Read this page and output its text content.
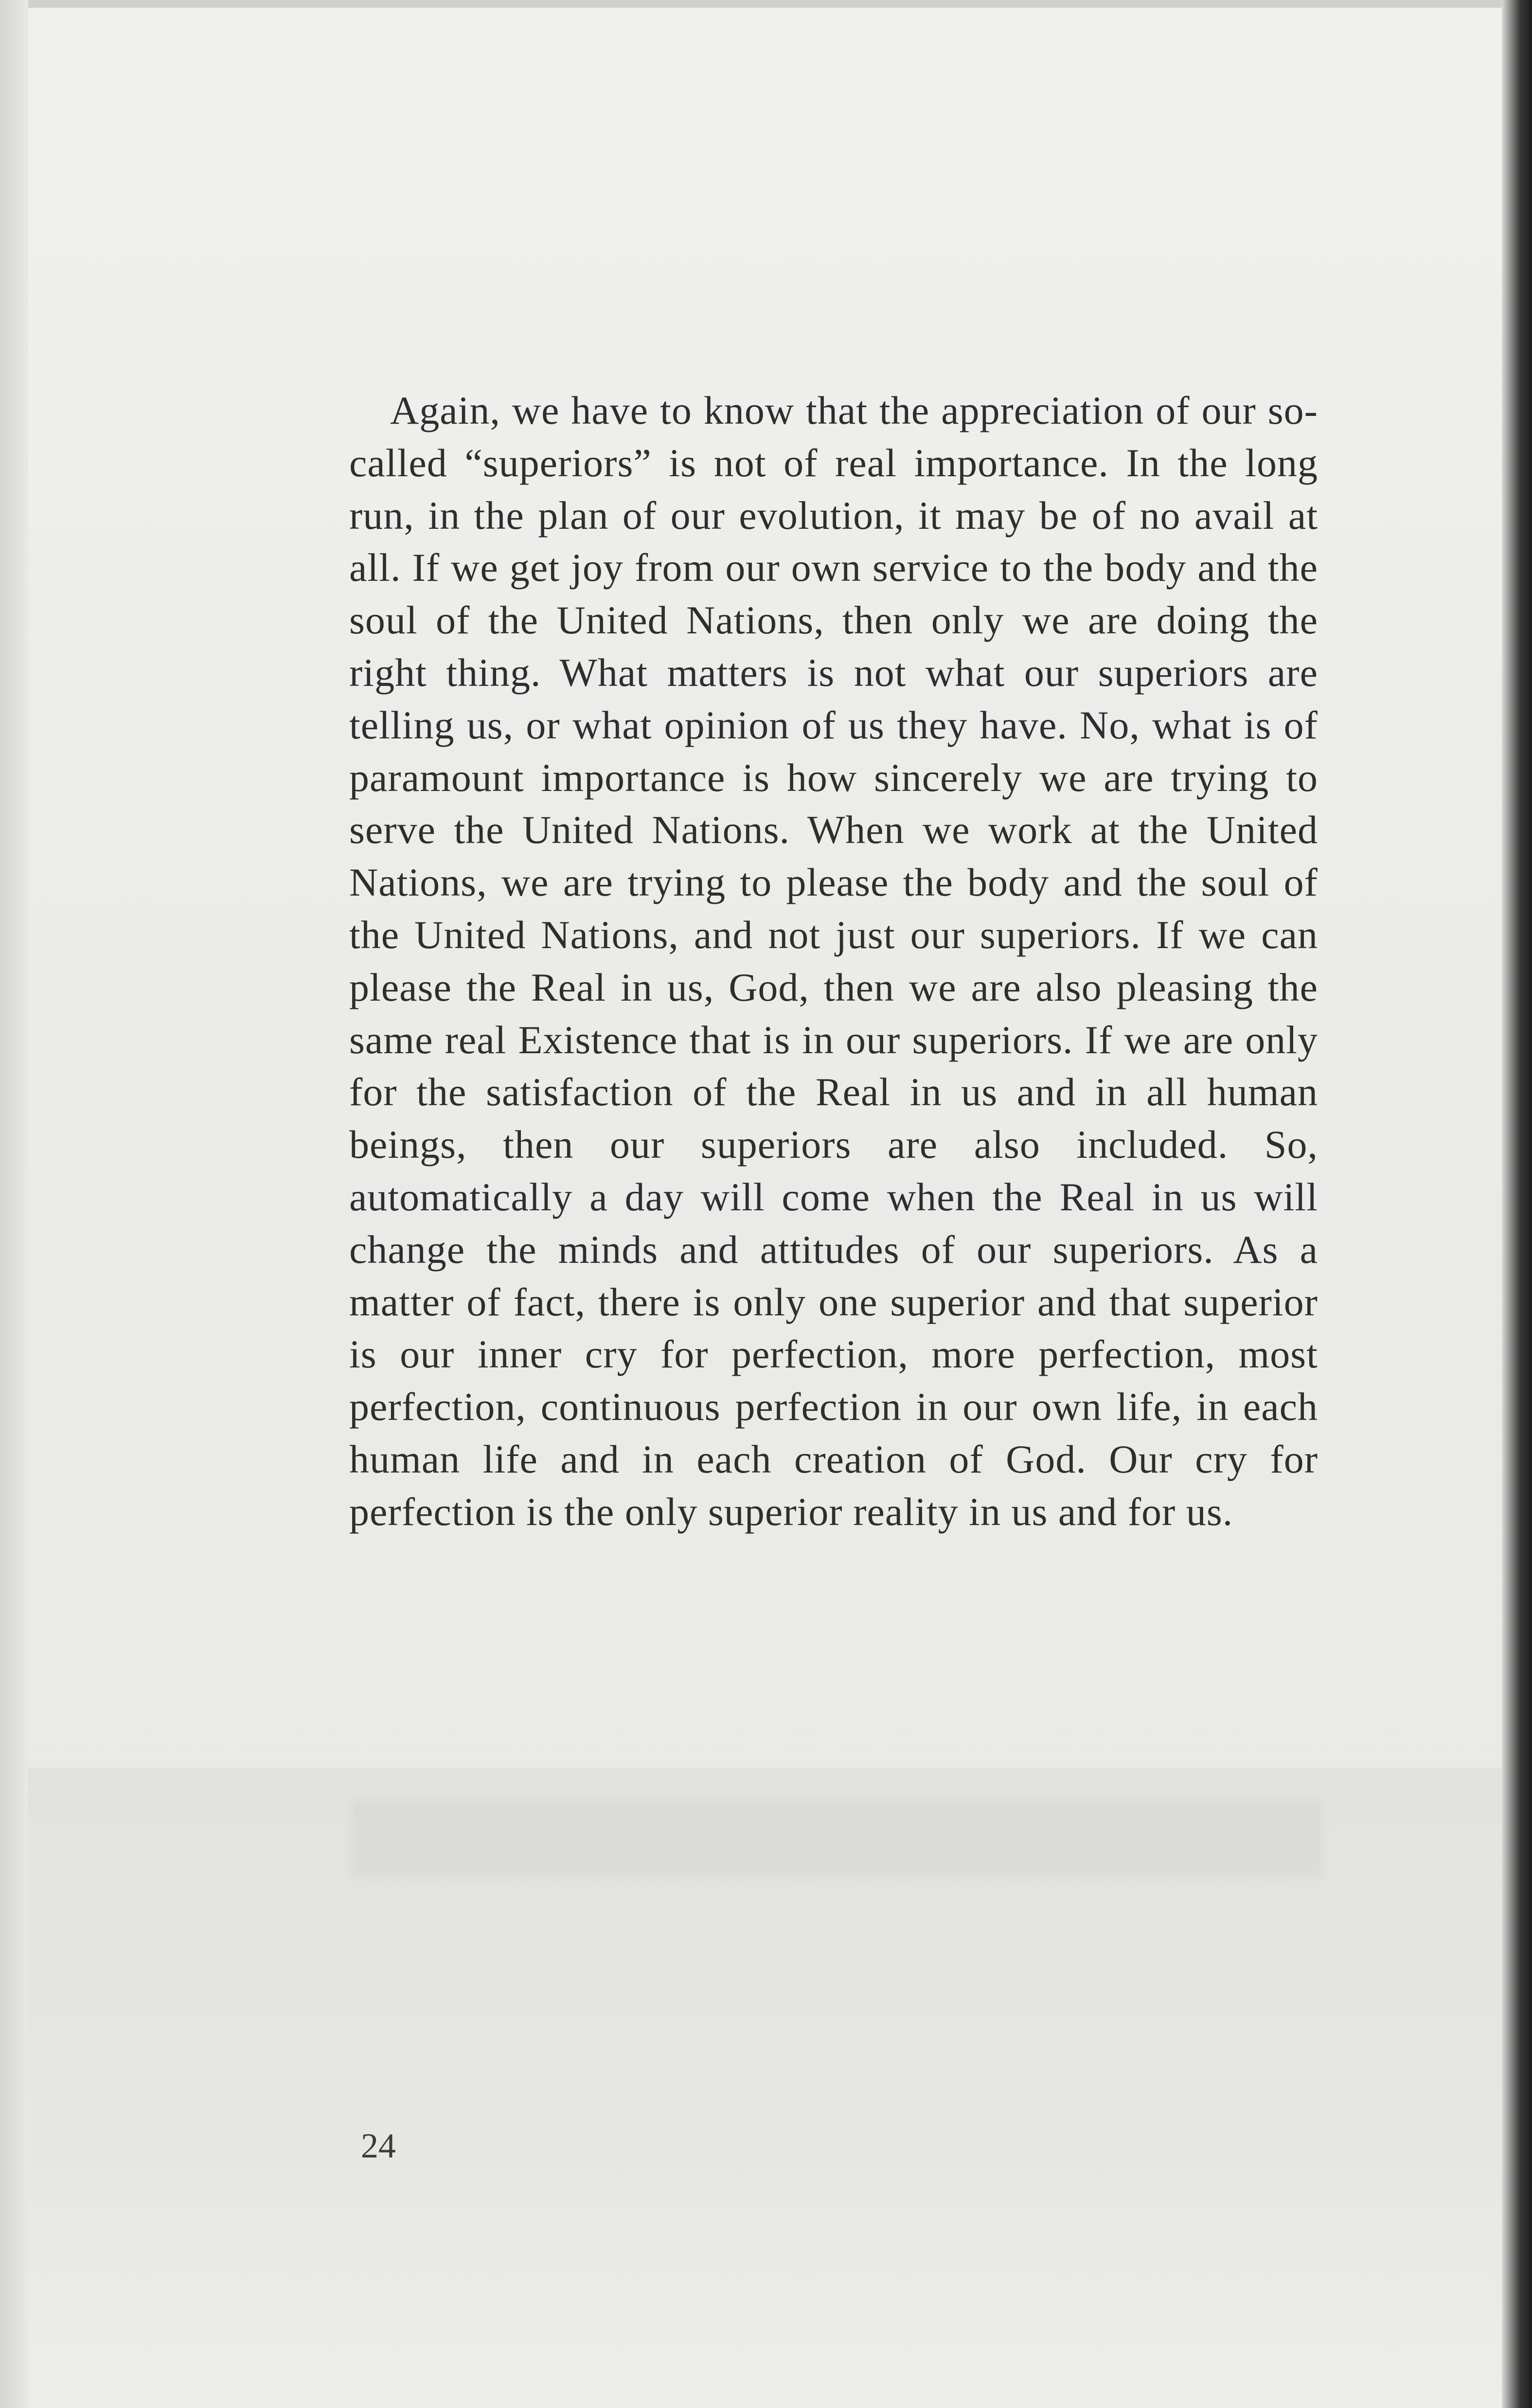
Again, we have to know that the appreciation of our so-called “superiors” is not of real importance. In the long run, in the plan of our evolution, it may be of no avail at all. If we get joy from our own service to the body and the soul of the United Nations, then only we are doing the right thing. What matters is not what our superiors are telling us, or what opinion of us they have. No, what is of paramount importance is how sincerely we are trying to serve the United Nations. When we work at the United Nations, we are trying to please the body and the soul of the United Nations, and not just our superiors. If we can please the Real in us, God, then we are also pleasing the same real Existence that is in our superiors. If we are only for the satisfaction of the Real in us and in all human beings, then our superiors are also included. So, automatically a day will come when the Real in us will change the minds and attitudes of our superiors. As a matter of fact, there is only one superior and that superior is our inner cry for perfection, more perfection, most perfection, continuous perfection in our own life, in each human life and in each creation of God. Our cry for perfection is the only superior reality in us and for us.

24
